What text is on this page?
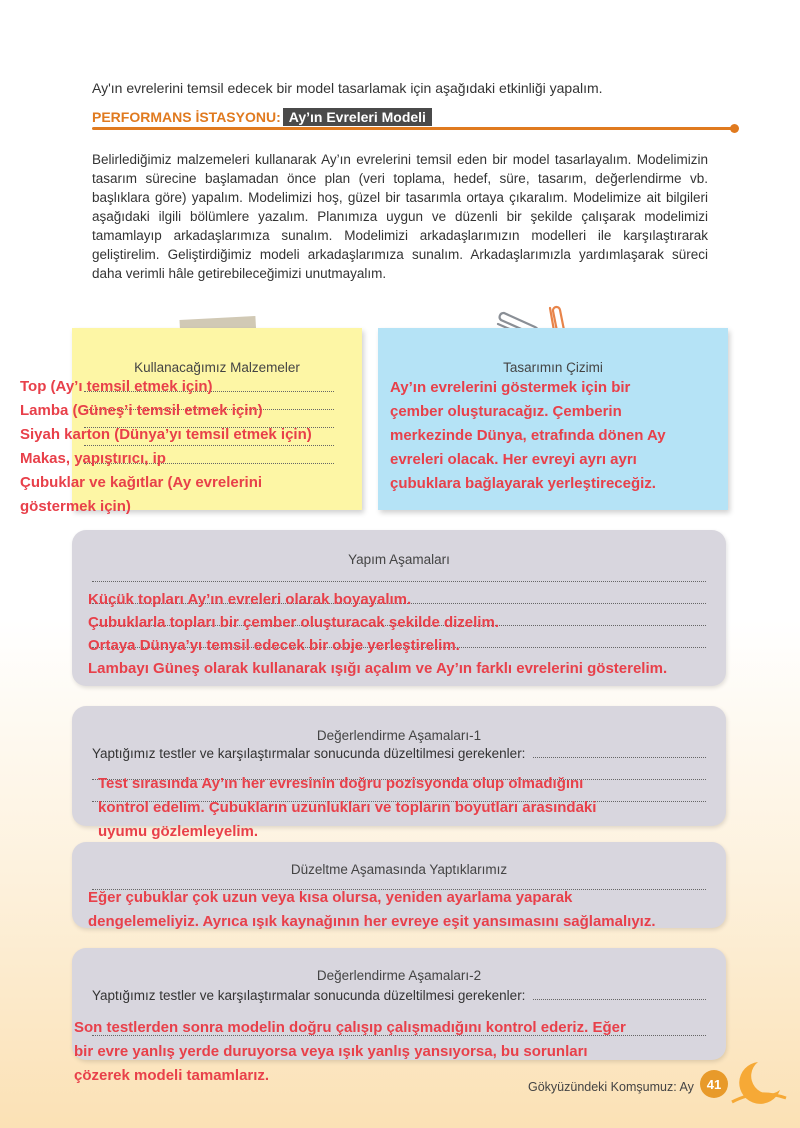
Ay'ın evrelerini temsil edecek bir model tasarlamak için aşağıdaki etkinliği yapalım.
PERFORMANS İSTASYONU: Ay’ın Evreleri Modeli
Belirlediğimiz malzemeleri kullanarak Ay’ın evrelerini temsil eden bir model tasarlayalım. Modelimizin tasarım sürecine başlamadan önce plan (veri toplama, hedef, süre, tasarım, değerlendirme vb. başlıklara göre) yapalım. Modelimizi hoş, güzel bir tasarımla ortaya çıkaralım. Modelimize ait bilgileri aşağıdaki ilgili bölümlere yazalım. Planımıza uygun ve düzenli bir şekilde çalışarak modelimizi tamamlayıp arkadaşlarımıza sunalım. Modelimizi arkadaşlarımızın modelleri ile karşılaştırarak geliştirelim. Geliştirdiğimiz modeli arkadaşlarımıza sunalım. Arkadaşlarımızla yardımlaşarak süreci daha verimli hâle getirebileceğimizi unutmayalım.
Kullanacağımız Malzemeler
Top (Ay’ı temsil etmek için)
Lamba (Güneş’i temsil etmek için)
Siyah karton (Dünya’yı temsil etmek için)
Makas, yapıştırıcı, ip
Çubuklar ve kağıtlar (Ay evrelerini
göstermek için)
Tasarımın Çizimi
Ay’ın evrelerini göstermek için bir
çember oluşturacağız. Çemberin
merkezinde Dünya, etrafında dönen Ay
evreleri olacak. Her evreyi ayrı ayrı
çubuklara bağlayarak yerleştireceğiz.
Yapım Aşamaları
Küçük topları Ay’ın evreleri olarak boyayalım.
Çubuklarla topları bir çember oluşturacak şekilde dizelim.
Ortaya Dünya’yı temsil edecek bir obje yerleştirelim.
Lambayı Güneş olarak kullanarak ışığı açalım ve Ay’ın farklı evrelerini gösterelim.
Değerlendirme Aşamaları-1
Yaptığımız testler ve karşılaştırmalar sonucunda düzeltilmesi gerekenler:
Test sırasında Ay’ın her evresinin doğru pozisyonda olup olmadığını
kontrol edelim. Çubukların uzunlukları ve topların boyutları arasındaki
uyumu gözlemleyelim.
Düzeltme Aşamasında Yaptıklarımız
Eğer çubuklar çok uzun veya kısa olursa, yeniden ayarlama yaparak
dengelemeliyiz. Ayrıca ışık kaynağının her evreye eşit yansımasını sağlamalıyız.
Değerlendirme Aşamaları-2
Yaptığımız testler ve karşılaştırmalar sonucunda düzeltilmesi gerekenler:
Son testlerden sonra modelin doğru çalışıp çalışmadığını kontrol ederiz. Eğer
bir evre yanlış yerde duruyorsa veya ışık yanlış yansıyorsa, bu sorunları
çözerek modeli tamamlarız.
Gökyüzündeki Komşumuz: Ay 41
